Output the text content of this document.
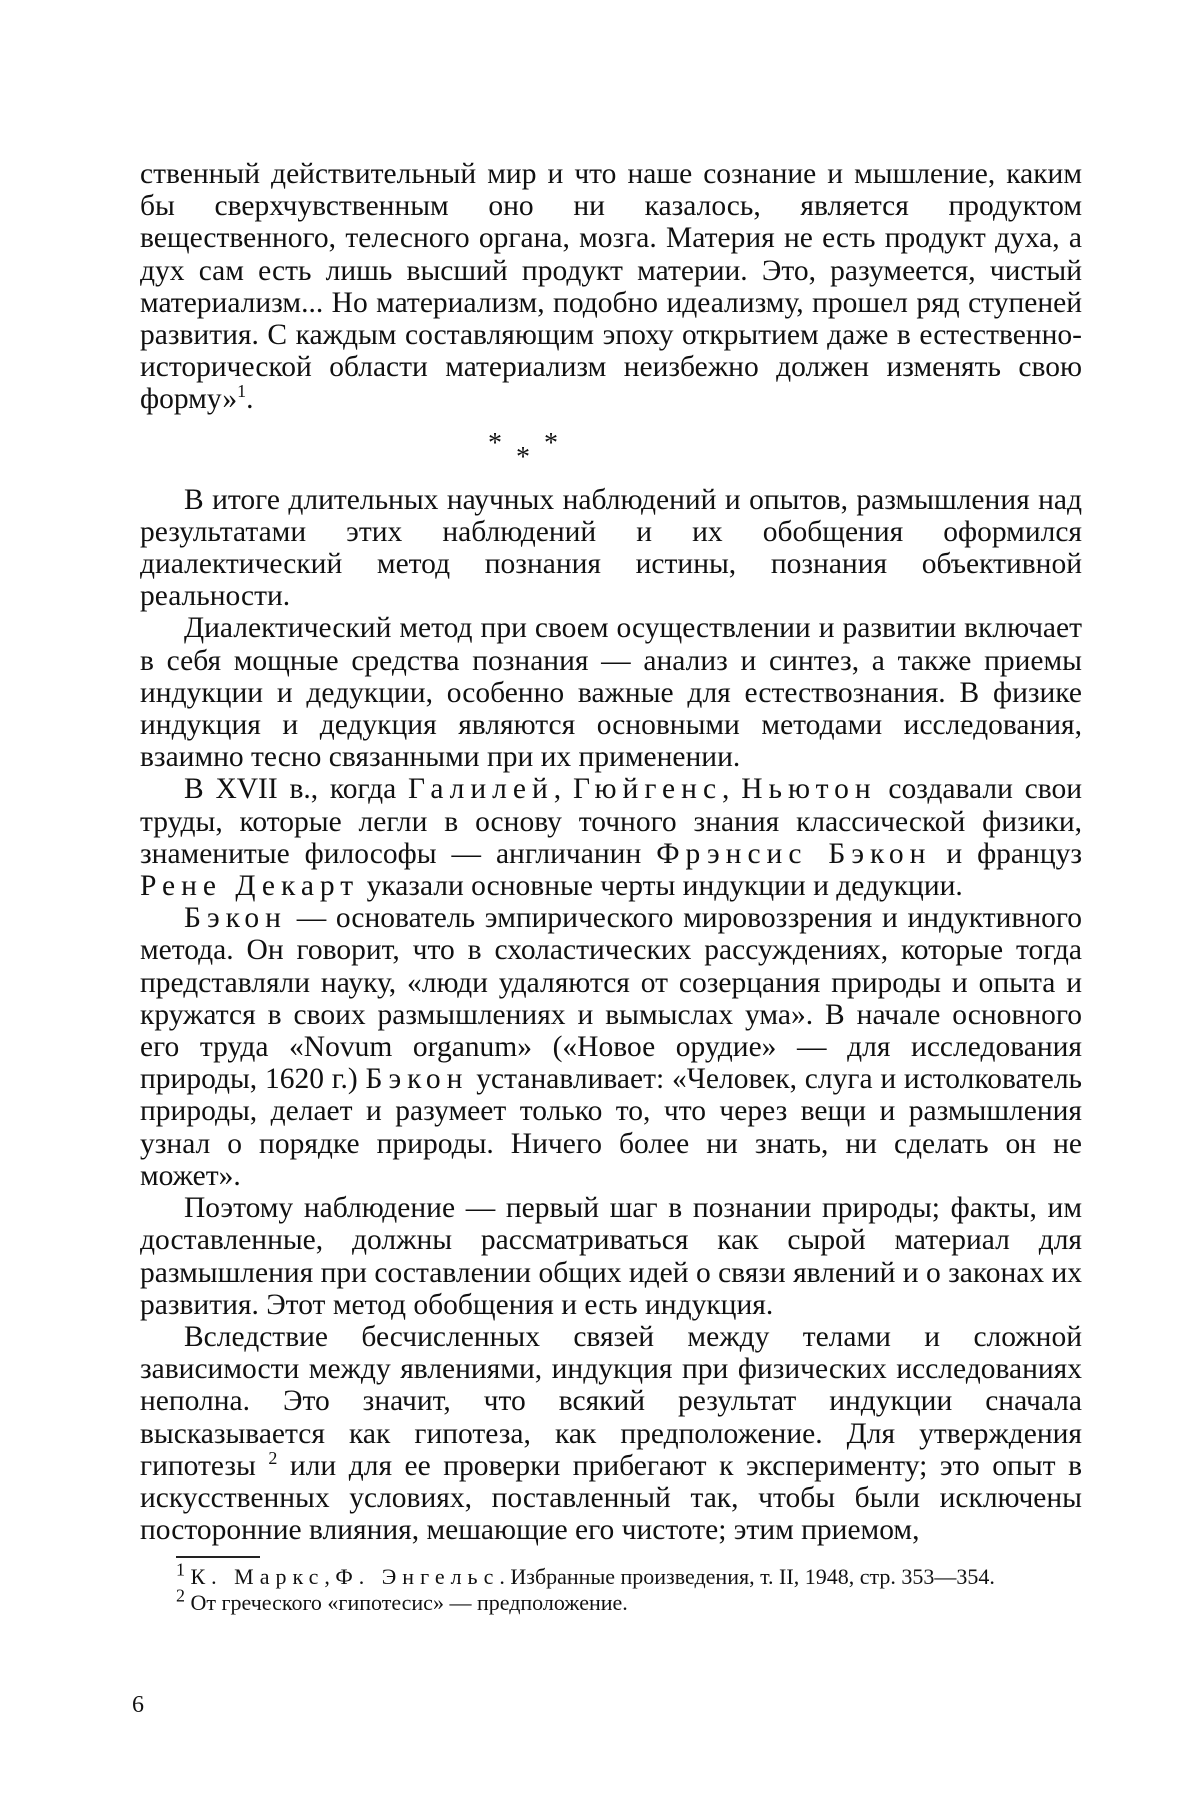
ственный действительный мир и что наше сознание и мышление, каким бы сверхчувственным оно ни казалось, является продуктом вещественного, телесного органа, мозга. Материя не есть продукт духа, а дух сам есть лишь высший продукт материи. Это, разумеется, чистый материализм... Но материализм, подобно идеализму, прошел ряд ступеней развития. С каждым составляющим эпоху открытием даже в естественно-исторической области материализм неизбежно должен изменять свою форму»$^1$.

* * *

В итоге длительных научных наблюдений и опытов, размышления над результатами этих наблюдений и их обобщения оформился диалектический метод познания истины, познания объективной реальности.

Диалектический метод при своем осуществлении и развитии включает в себя мощные средства познания — анализ и синтез, а также приемы индукции и дедукции, особенно важные для естествознания. В физике индукция и дедукция являются основными методами исследования, взаимно тесно связанными при их применении.

В XVII в., когда Галилей, Гюйгенс, Ньютон создавали свои труды, которые легли в основу точного знания классической физики, знаменитые философы — англичанин Фрэнсис Бэкон и француз Рене Декарт указали основные черты индукции и дедукции.

Бэкон — основатель эмпирического мировоззрения и индуктивного метода. Он говорит, что в схоластических рассуждениях, которые тогда представляли науку, «люди удаляются от созерцания природы и опыта и кружатся в своих размышлениях и вымыслах ума». В начале основного его труда «Novum organum» («Новое орудие» — для исследования природы, 1620 г.) Бэкон устанавливает: «Человек, слуга и истолкователь природы, делает и разумеет только то, что через вещи и размышления узнал о порядке природы. Ничего более ни знать, ни сделать он не может».

Поэтому наблюдение — первый шаг в познании природы; факты, им доставленные, должны рассматриваться как сырой материал для размышления при составлении общих идей о связи явлений и о законах их развития. Этот метод обобщения и есть индукция.

Вследствие бесчисленных связей между телами и сложной зависимости между явлениями, индукция при физических исследованиях неполна. Это значит, что всякий результат индукции сначала высказывается как гипотеза, как предположение. Для утверждения гипотезы $^2$ или для ее проверки прибегают к эксперименту; это опыт в искусственных условиях, поставленный так, чтобы были исключены посторонние влияния, мешающие его чистоте; этим приемом,

$^1$ К. Маркс, Ф. Энгельс. Избранные произведения, т. II, 1948, стр. 353—354.

$^2$ От греческого «гипотесис» — предположение.

6
